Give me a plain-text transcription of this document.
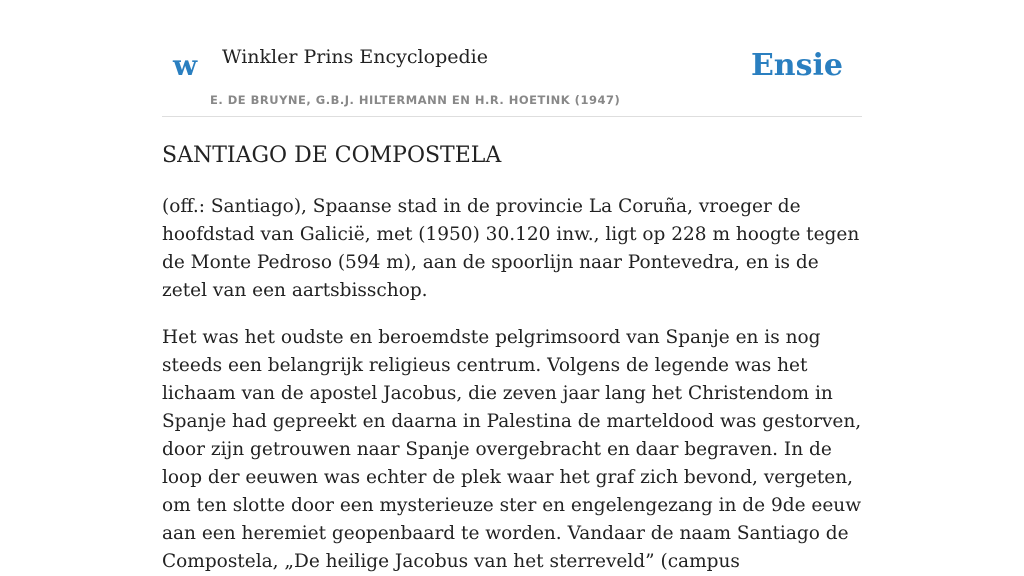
w Winkler Prins Encyclopedie
E. DE BRUYNE, G.B.J. HILTERMANN EN H.R. HOETINK (1947)
Ensie
SANTIAGO DE COMPOSTELA

(off.: Santiago), Spaanse stad in de provincie La Coruña, vroeger de hoofdstad van Galicië, met (1950) 30.120 inw., ligt op 228 m hoogte tegen de Monte Pedroso (594 m), aan de spoorlijn naar Pontevedra, en is de zetel van een aartsbisschop.

Het was het oudste en beroemdste pelgrimsoord van Spanje en is nog steeds een belangrijk religieus centrum. Volgens de legende was het lichaam van de apostel Jacobus, die zeven jaar lang het Christendom in Spanje had gepreekt en daarna in Palestina de marteldood was gestorven, door zijn getrouwen naar Spanje overgebracht en daar begraven. In de loop der eeuwen was echter de plek waar het graf zich bevond, vergeten, om ten slotte door een mysterieuze ster en engelengezang in de 9de eeuw aan een heremiet geopenbaard te worden. Vandaar de naam Santiago de Compostela, „De heilige Jacobus van het sterreveld” (campus
